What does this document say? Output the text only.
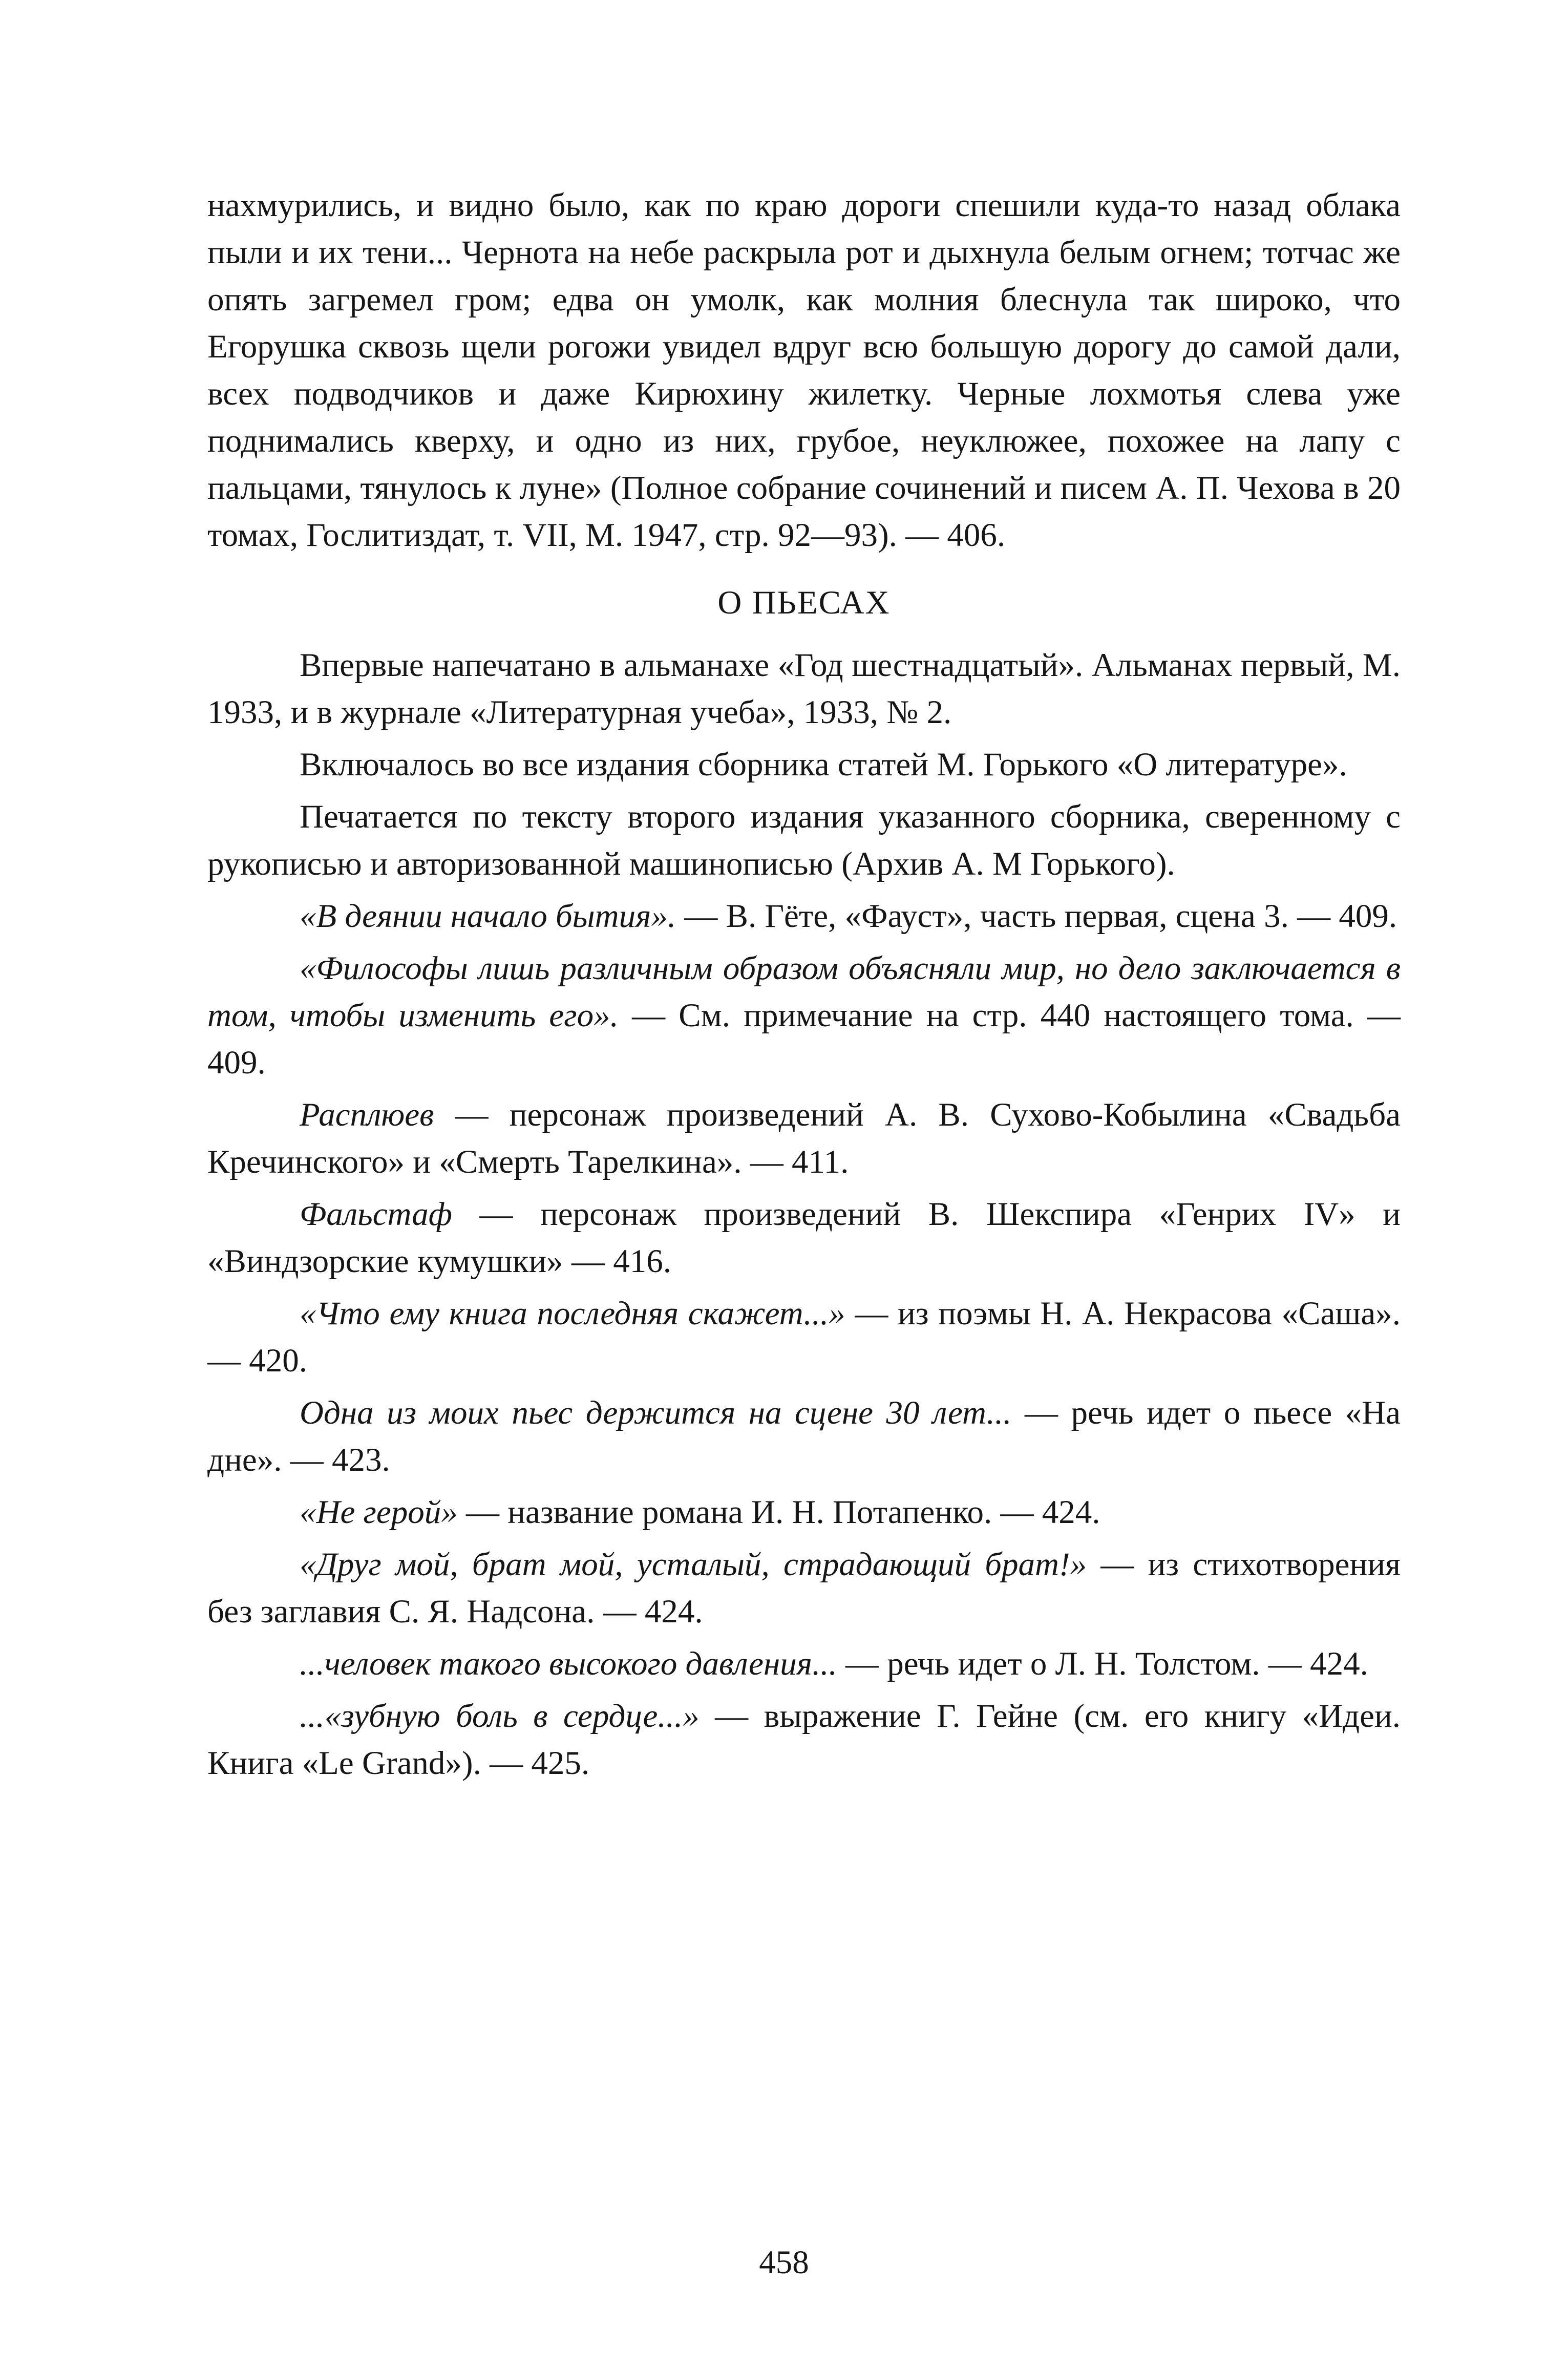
нахмурились, и видно было, как по краю дороги спешили куда-то назад облака пыли и их тени... Чернота на небе раскрыла рот и дыхнула белым огнем; тотчас же опять загремел гром; едва он умолк, как молния блеснула так широко, что Егорушка сквозь щели рогожи увидел вдруг всю большую дорогу до самой дали, всех подводчиков и даже Кирюхину жилетку. Черные лохмотья слева уже поднимались кверху, и одно из них, грубое, неуклюжее, похожее на лапу с пальцами, тянулось к луне» (Полное собрание сочинений и писем А. П. Чехова в 20 томах, Гослитиздат, т. VII, М. 1947, стр. 92—93). — 406.

О ПЬЕСАХ

Впервые напечатано в альманахе «Год шестнадцатый». Альманах первый, М. 1933, и в журнале «Литературная учеба», 1933, № 2.

Включалось во все издания сборника статей М. Горького «О литературе».

Печатается по тексту второго издания указанного сборника, сверенному с рукописью и авторизованной машинописью (Архив А. М Горького).

«В деянии начало бытия». — В. Гёте, «Фауст», часть первая, сцена 3. — 409.

«Философы лишь различным образом объясняли мир, но дело заключается в том, чтобы изменить его». — См. примечание на стр. 440 настоящего тома. — 409.

Расплюев — персонаж произведений А. В. Сухово-Кобылина «Свадьба Кречинского» и «Смерть Тарелкина». — 411.

Фальстаф — персонаж произведений В. Шекспира «Генрих IV» и «Виндзорские кумушки» — 416.

«Что ему книга последняя скажет...» — из поэмы Н. А. Некрасова «Саша». — 420.

Одна из моих пьес держится на сцене 30 лет... — речь идет о пьесе «На дне». — 423.

«Не герой» — название романа И. Н. Потапенко. — 424.

«Друг мой, брат мой, усталый, страдающий брат!» — из стихотворения без заглавия С. Я. Надсона. — 424.

...человек такого высокого давления... — речь идет о Л. Н. Толстом. — 424.

...«зубную боль в сердце...» — выражение Г. Гейне (см. его книгу «Идеи. Книга «Le Grand»). — 425.

458
